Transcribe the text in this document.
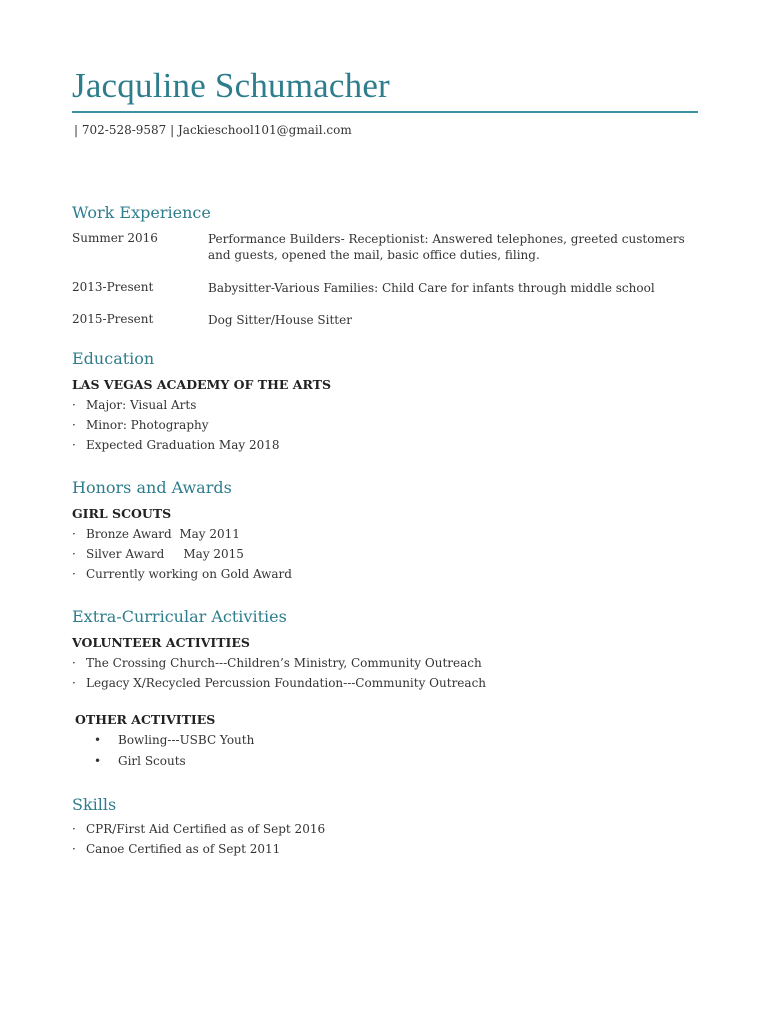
Jacquline Schumacher
| 702-528-9587 | Jackieschool101@gmail.com
Work Experience
Summer 2016	Performance Builders- Receptionist: Answered telephones, greeted customers and guests, opened the mail, basic office duties, filing.
2013-Present	Babysitter-Various Families: Child Care for infants through middle school
2015-Present	Dog Sitter/House Sitter
Education
LAS VEGAS ACADEMY OF THE ARTS
· Major: Visual Arts
· Minor: Photography
· Expected Graduation May 2018
Honors and Awards
GIRL SCOUTS
· Bronze Award  May 2011
· Silver Award     May 2015
· Currently working on Gold Award
Extra-Curricular Activities
VOLUNTEER ACTIVITIES
· The Crossing Church---Children’s Ministry, Community Outreach
· Legacy X/Recycled Percussion Foundation---Community Outreach
OTHER ACTIVITIES
• Bowling---USBC Youth
• Girl Scouts
Skills
· CPR/First Aid Certified as of Sept 2016
· Canoe Certified as of Sept 2011
